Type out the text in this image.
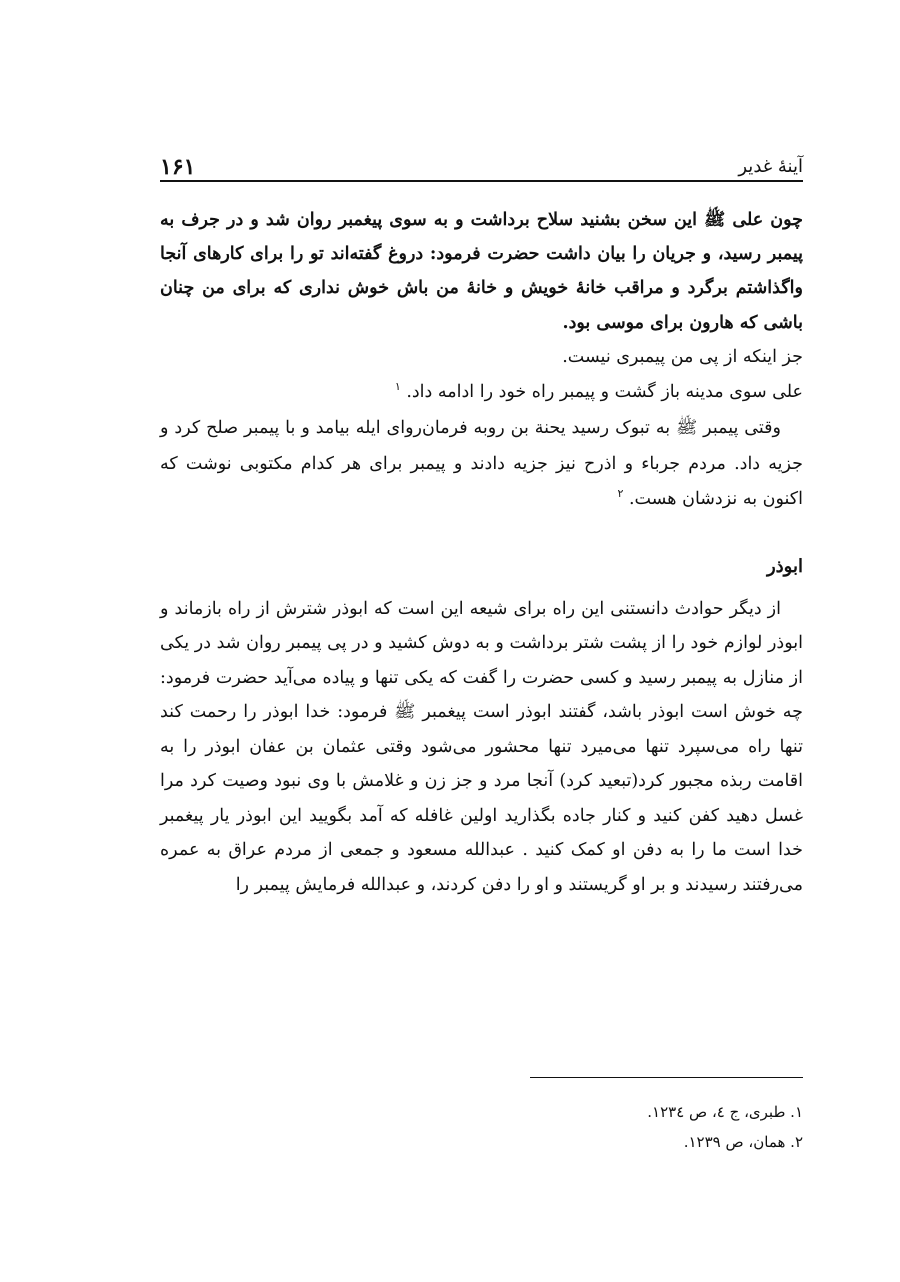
۱۶۱	آینۀ غدیر

چون علی ﷺ این سخن بشنید سلاح برداشت و به سوی پیغمبر روان شد و در جرف به پیمبر رسید، و جریان را بیان داشت حضرت فرمود: دروغ گفته‌اند تو را برای کارهای آنجا واگذاشتم برگرد و مراقب خانۀ خویش و خانۀ من باش خوش نداری که برای من چنان باشی که هارون برای موسی بود.

جز اینکه از پی من پیمبری نیست.

علی سوی مدینه باز گشت و پیمبر راه خود را ادامه داد. $^۱$

وقتی پیمبر ﷺ به تبوک رسید یحنة بن روبه فرمان‌روای ایله بیامد و با پیمبر صلح کرد و جزیه داد. مردم جرباء و اذرح نیز جزیه دادند و پیمبر برای هر کدام مکتوبی نوشت که اکنون به نزدشان هست. $^۲$

ابوذر

از دیگر حوادث دانستنی این راه برای شیعه این است که ابوذر شترش از راه بازماند و ابوذر لوازم خود را از پشت شتر برداشت و به دوش کشید و در پی پیمبر روان شد در یکی از منازل به پیمبر رسید و کسی حضرت را گفت که یکی تنها و پیاده می‌آید حضرت فرمود: چه خوش است ابوذر باشد، گفتند ابوذر است پیغمبر ﷺ فرمود: خدا ابوذر را رحمت کند تنها راه می‌سپرد تنها می‌میرد تنها محشور می‌شود وقتی عثمان بن عفان ابوذر را به اقامت ربذه مجبور کرد(تبعید کرد) آنجا مرد و جز زن و غلامش با وی نبود وصیت کرد مرا غسل دهید کفن کنید و کنار جاده بگذارید اولین غافله که آمد بگویید این ابوذر یار پیغمبر خدا است ما را به دفن او کمک کنید . عبدالله مسعود و جمعی از مردم عراق به عمره می‌رفتند رسیدند و بر او گریستند و او را دفن کردند، و عبدالله فرمایش پیمبر را

۱. طبری، ج ٤، ص ١٢٣٤.

۲. همان، ص ١٢٣٩.
